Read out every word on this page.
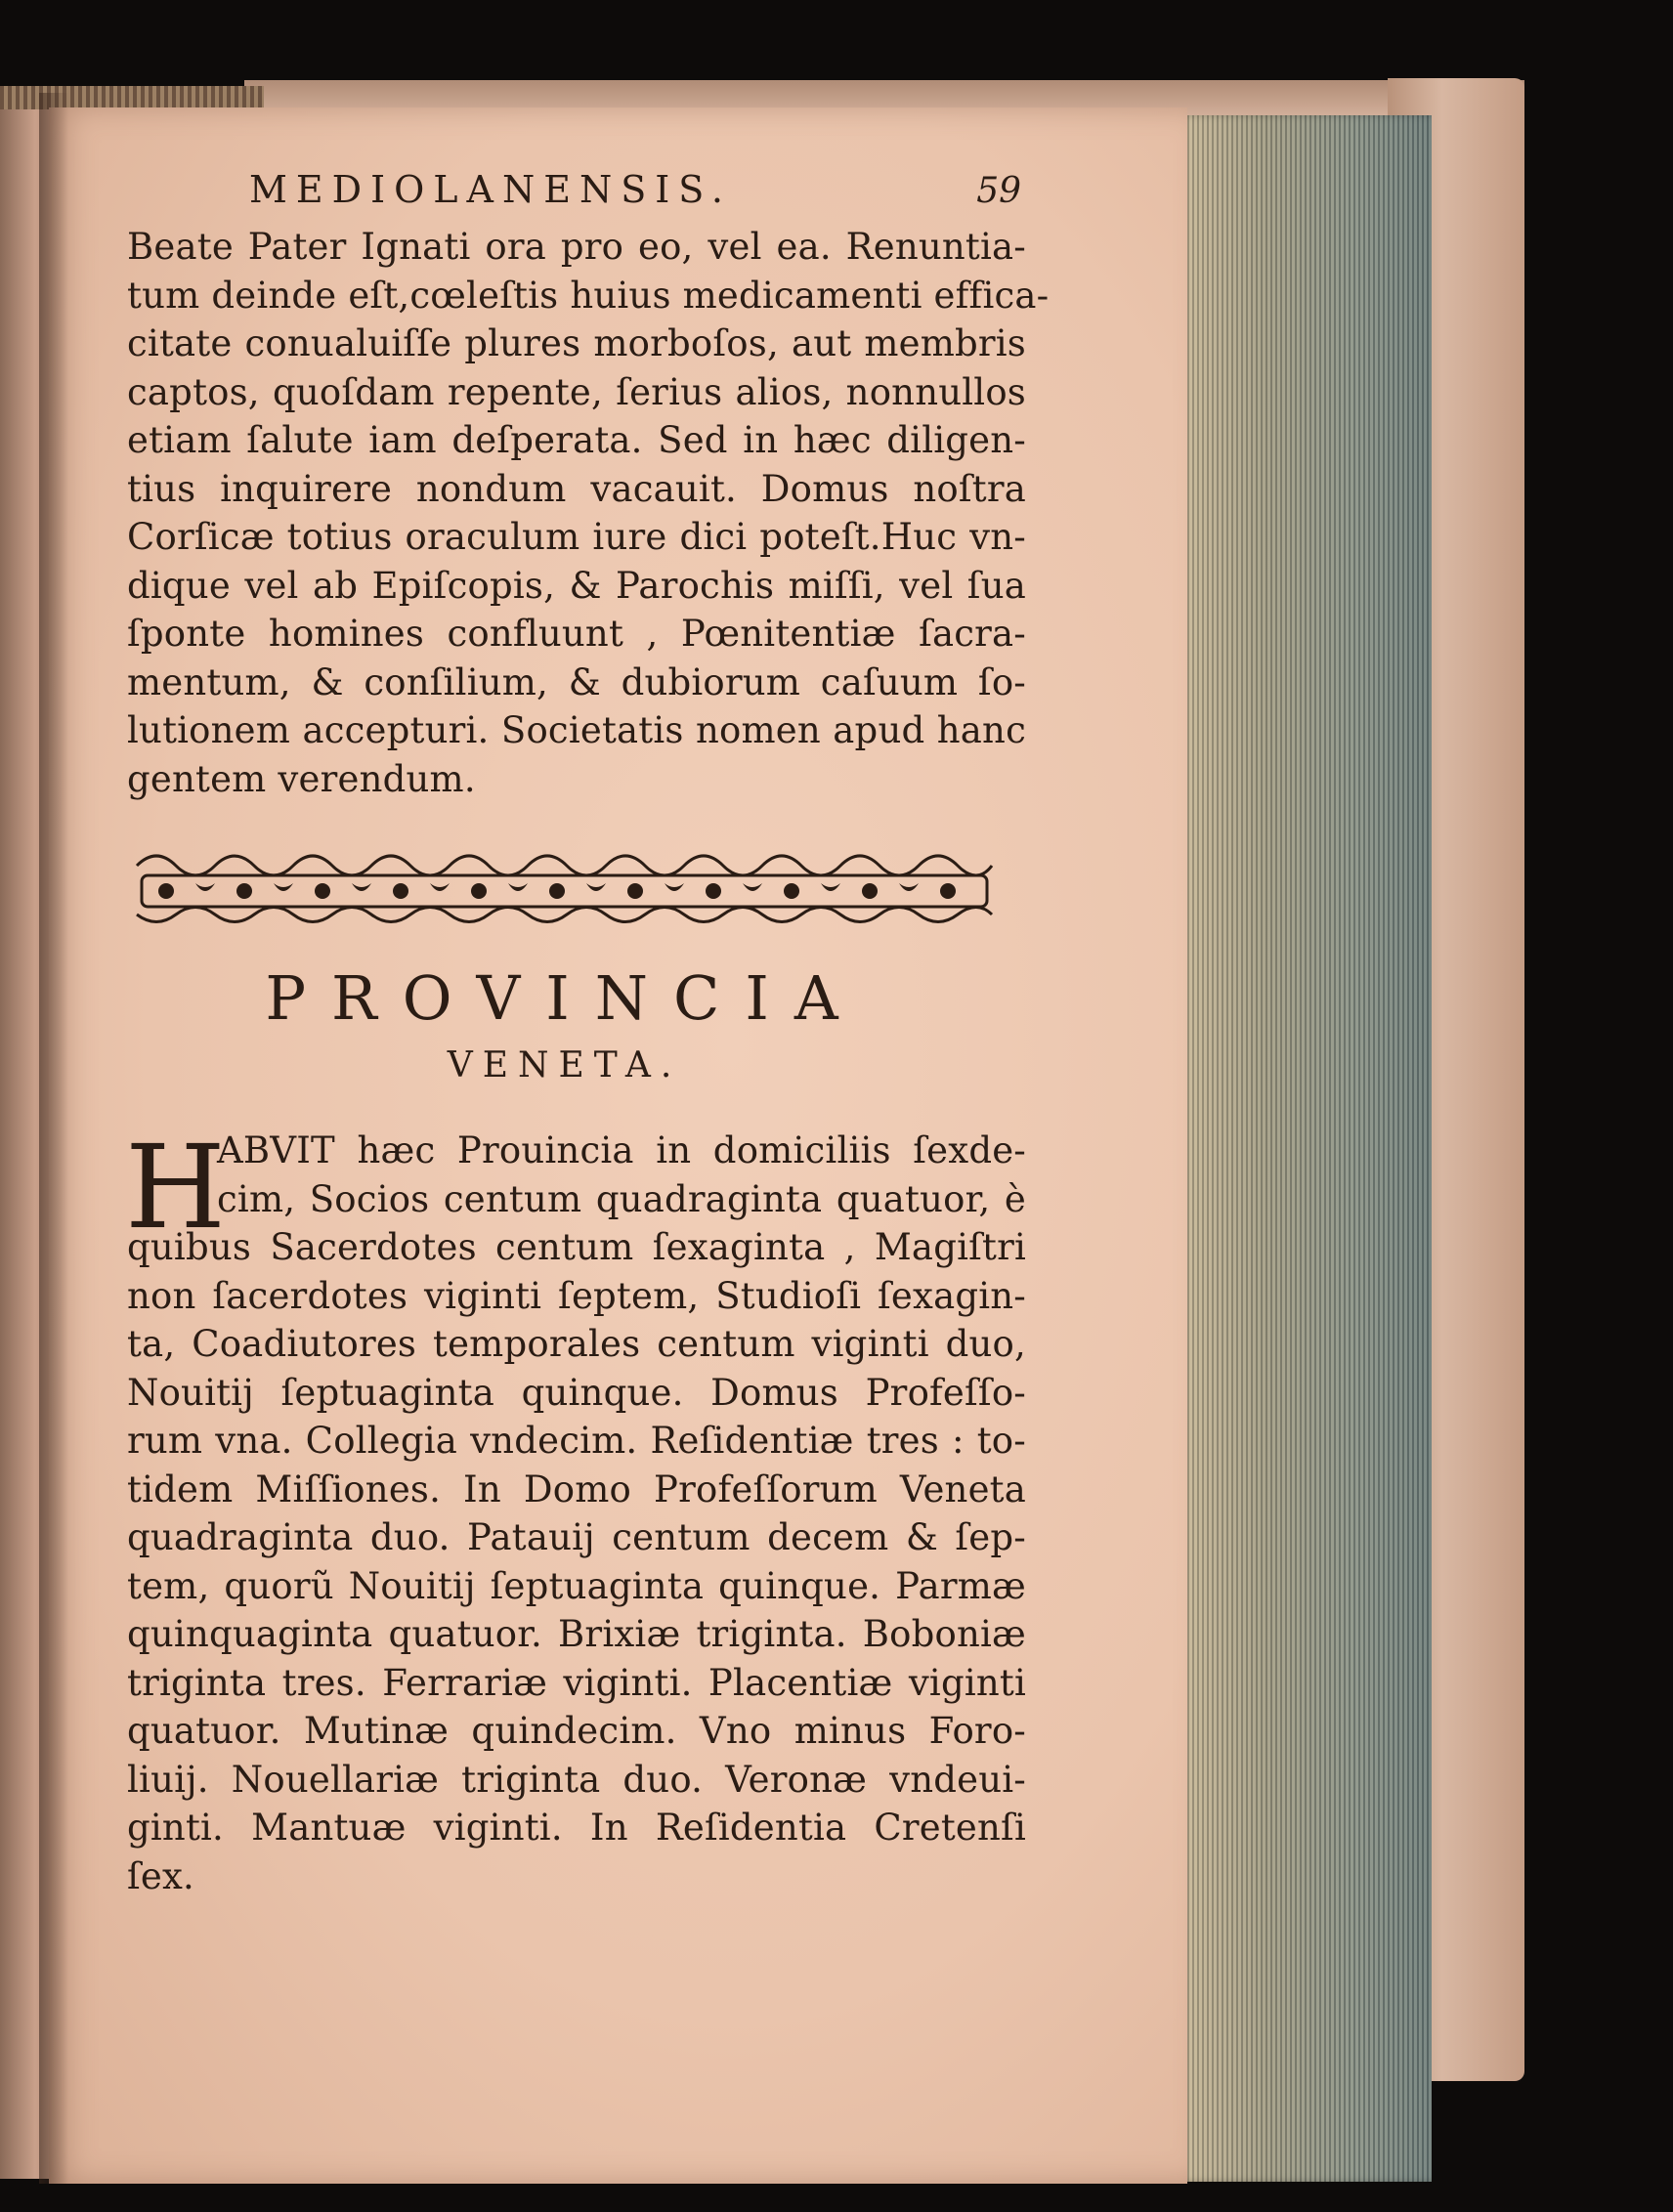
MEDIOLANENSIS.	59
Beate Pater Ignati ora pro eo, vel ea. Renuntia-
tum deinde eſt,cœleſtis huius medicamenti effica-
citate conualuiſſe plures morboſos, aut membris
captos, quoſdam repente, ſerius alios, nonnullos
etiam ſalute iam deſperata. Sed in hæc diligen-
tius inquirere nondum vacauit. Domus noſtra
Corſicæ totius oraculum iure dici poteſt.Huc vn-
dique vel ab Epiſcopis, & Parochis miſſi, vel ſua
ſponte homines confluunt , Pœnitentiæ ſacra-
mentum, & conſilium, & dubiorum caſuum ſo-
lutionem accepturi. Societatis nomen apud hanc
gentem verendum.
PROVINCIA
VENETA.
H
ABVIT hæc Prouincia in domiciliis ſexde-
cim, Socios centum quadraginta quatuor, è
quibus Sacerdotes centum ſexaginta , Magiſtri
non ſacerdotes viginti ſeptem, Studioſi ſexagin-
ta, Coadiutores temporales centum viginti duo,
Nouitij ſeptuaginta quinque. Domus Profeſſo-
rum vna. Collegia vndecim. Reſidentiæ tres : to-
tidem Miſſiones. In Domo Profeſſorum Veneta
quadraginta duo. Patauij centum decem & ſep-
tem, quorũ Nouitij ſeptuaginta quinque. Parmæ
quinquaginta quatuor. Brixiæ triginta. Boboniæ
triginta tres. Ferrariæ viginti. Placentiæ viginti
quatuor. Mutinæ quindecim. Vno minus Foro-
liuij. Nouellariæ triginta duo. Veronæ vndeui-
ginti. Mantuæ viginti. In Reſidentia Cretenſi
ſex.
